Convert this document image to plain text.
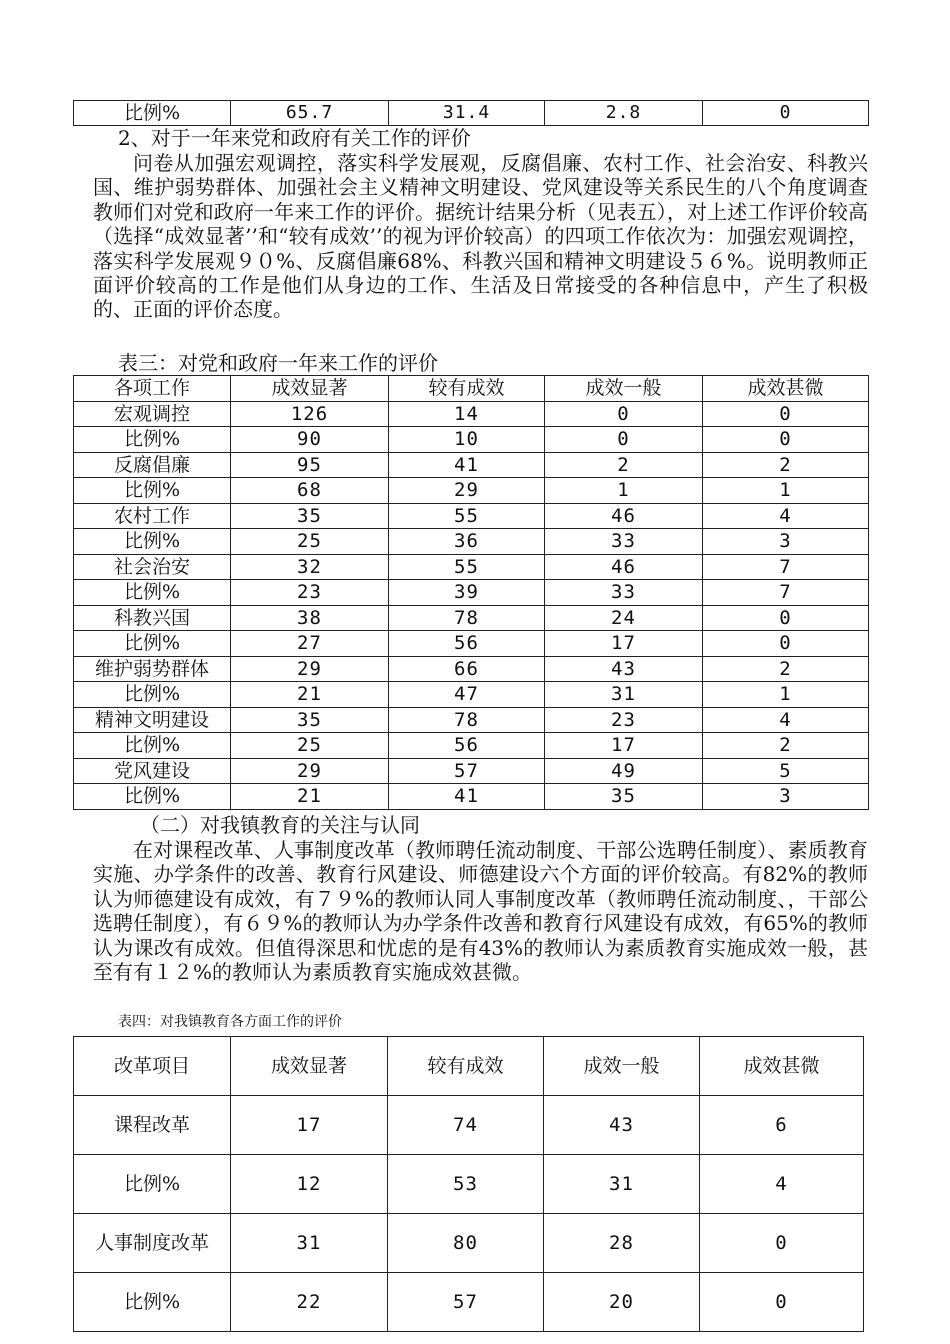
比例%	65.7	31.4	2.8	0
2、对于一年来党和政府有关工作的评价
问卷从加强宏观调控，落实科学发展观，反腐倡廉、农村工作、社会治安、科教兴国、维护弱势群体、加强社会主义精神文明建设、党风建设等关系民生的八个角度调查教师们对党和政府一年来工作的评价。据统计结果分析（见表五），对上述工作评价较高（选择“成效显著’’和“较有成效’’的视为评价较高）的四项工作依次为：加强宏观调控，落实科学发展观９０%、反腐倡廉68%、科教兴国和精神文明建设５６%。说明教师正面评价较高的工作是他们从身边的工作、生活及日常接受的各种信息中，产生了积极的、正面的评价态度。
表三：对党和政府一年来工作的评价
各项工作	成效显著	较有成效	成效一般	成效甚微
宏观调控	126	14	0	0
比例%	90	10	0	0
反腐倡廉	95	41	2	2
比例%	68	29	1	1
农村工作	35	55	46	4
比例%	25	36	33	3
社会治安	32	55	46	7
比例%	23	39	33	7
科教兴国	38	78	24	0
比例%	27	56	17	0
维护弱势群体	29	66	43	2
比例%	21	47	31	1
精神文明建设	35	78	23	4
比例%	25	56	17	2
党风建设	29	57	49	5
比例%	21	41	35	3
（二）对我镇教育的关注与认同
在对课程改革、人事制度改革（教师聘任流动制度、干部公选聘任制度）、素质教育实施、办学条件的改善、教育行风建设、师德建设六个方面的评价较高。有82%的教师认为师德建设有成效，有７９%的教师认同人事制度改革（教师聘任流动制度、，干部公选聘任制度），有６９%的教师认为办学条件改善和教育行风建设有成效，有65%的教师认为课改有成效。但值得深思和忧虑的是有43%的教师认为素质教育实施成效一般，甚至有有１２%的教师认为素质教育实施成效甚微。
表四：对我镇教育各方面工作的评价
改革项目	成效显著	较有成效	成效一般	成效甚微
课程改革	17	74	43	6
比例%	12	53	31	4
人事制度改革	31	80	28	0
比例%	22	57	20	0
